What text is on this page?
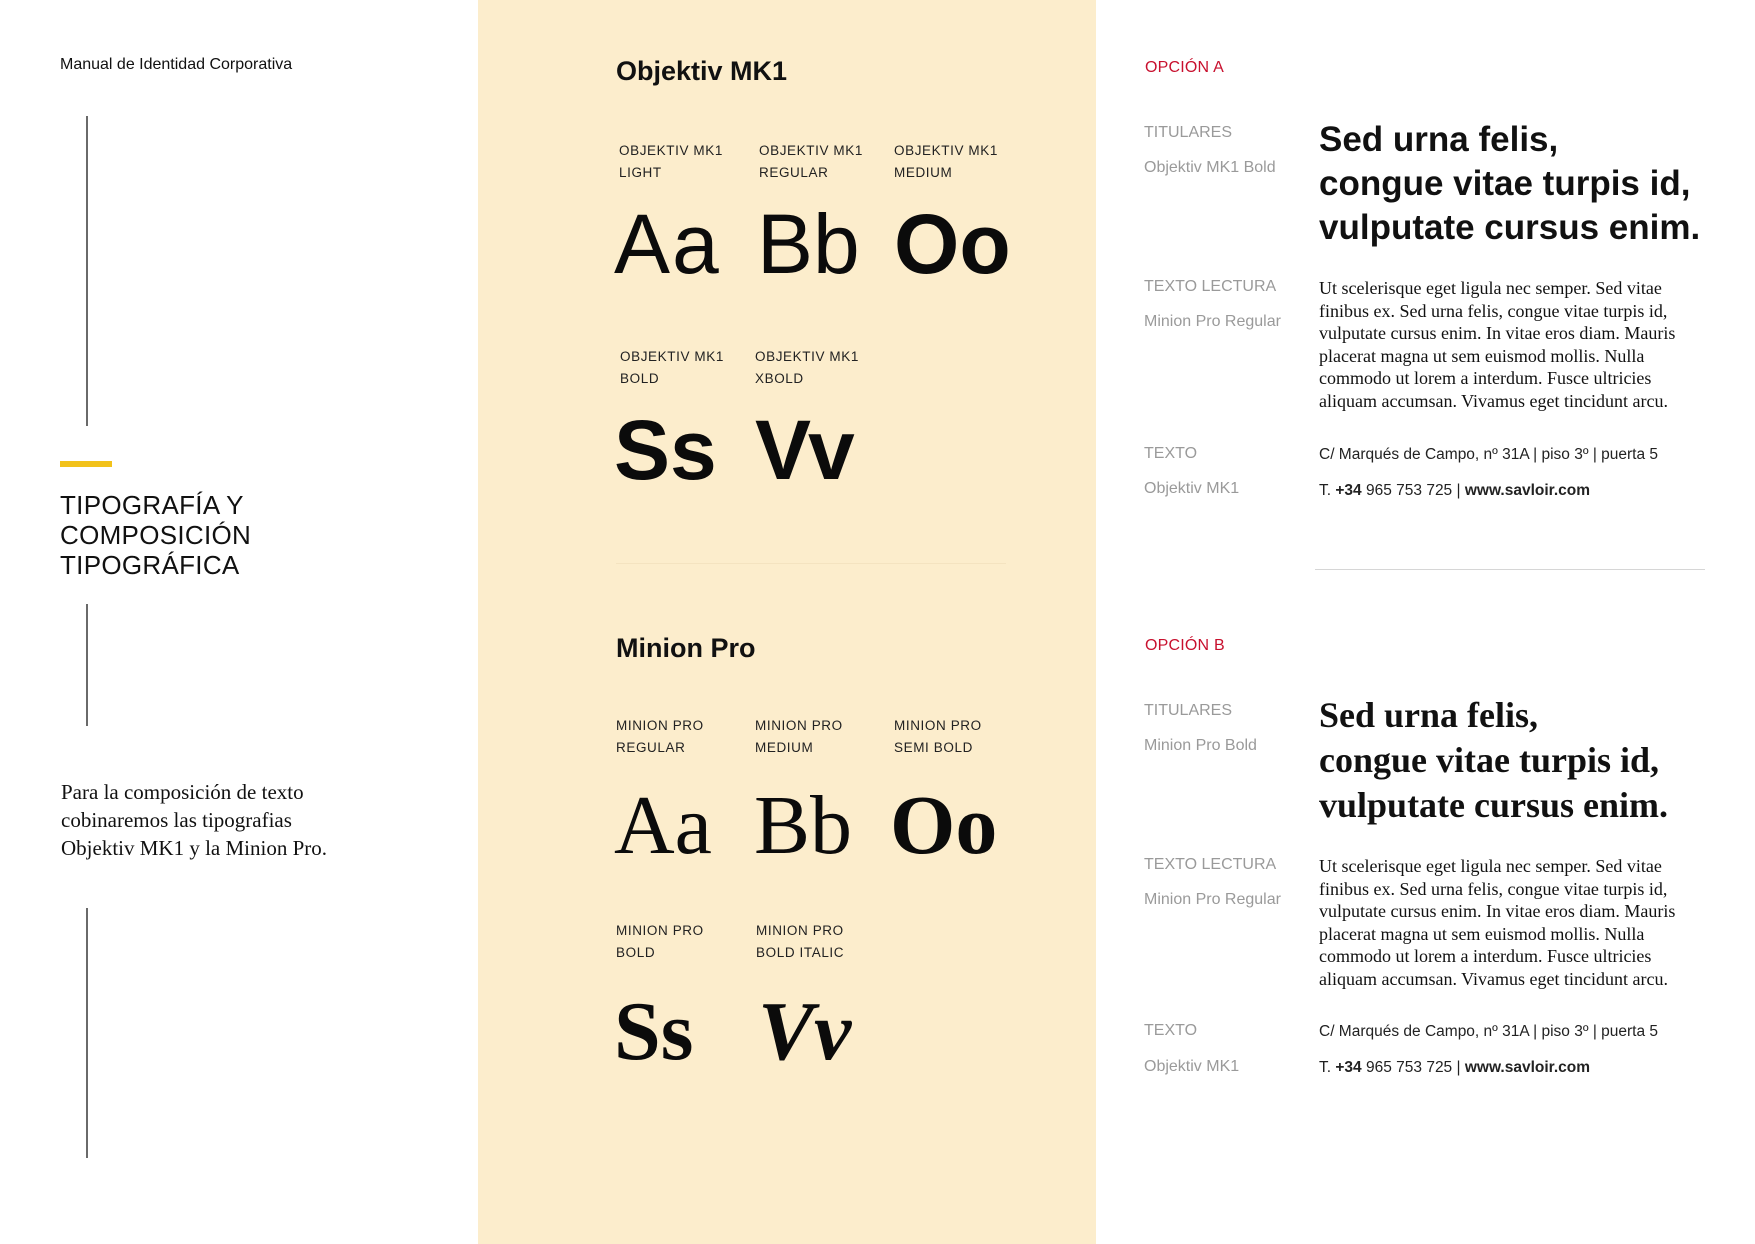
Manual de Identidad Corporativa
TIPOGRAFÍA Y
COMPOSICIÓN
TIPOGRÁFICA
Para la composición de texto
cobinaremos las tipografias
Objektiv MK1 y la Minion Pro.
Objektiv MK1
OBJEKTIV MK1
LIGHT
OBJEKTIV MK1
REGULAR
OBJEKTIV MK1
MEDIUM
Aa Bb Oo
OBJEKTIV MK1
BOLD
OBJEKTIV MK1
XBOLD
Ss Vv
Minion Pro
MINION PRO
REGULAR
MINION PRO
MEDIUM
MINION PRO
SEMI BOLD
Aa Bb Oo
MINION PRO
BOLD
MINION PRO
BOLD ITALIC
Ss Vv
OPCIÓN A
TITULARES
Objektiv MK1 Bold
Sed urna felis,
congue vitae turpis id,
vulputate cursus enim.
TEXTO LECTURA
Minion Pro Regular
Ut scelerisque eget ligula nec semper. Sed vitae
finibus ex. Sed urna felis, congue vitae turpis id,
vulputate cursus enim. In vitae eros diam. Mauris
placerat magna ut sem euismod mollis. Nulla
commodo ut lorem a interdum. Fusce ultricies
aliquam accumsan. Vivamus eget tincidunt arcu.
TEXTO
Objektiv MK1
C/ Marqués de Campo, nº 31A | piso 3º | puerta 5
T. +34 965 753 725 | www.savloir.com
OPCIÓN B
TITULARES
Minion Pro Bold
Sed urna felis,
congue vitae turpis id,
vulputate cursus enim.
TEXTO LECTURA
Minion Pro Regular
Ut scelerisque eget ligula nec semper. Sed vitae
finibus ex. Sed urna felis, congue vitae turpis id,
vulputate cursus enim. In vitae eros diam. Mauris
placerat magna ut sem euismod mollis. Nulla
commodo ut lorem a interdum. Fusce ultricies
aliquam accumsan. Vivamus eget tincidunt arcu.
TEXTO
Objektiv MK1
C/ Marqués de Campo, nº 31A | piso 3º | puerta 5
T. +34 965 753 725 | www.savloir.com
